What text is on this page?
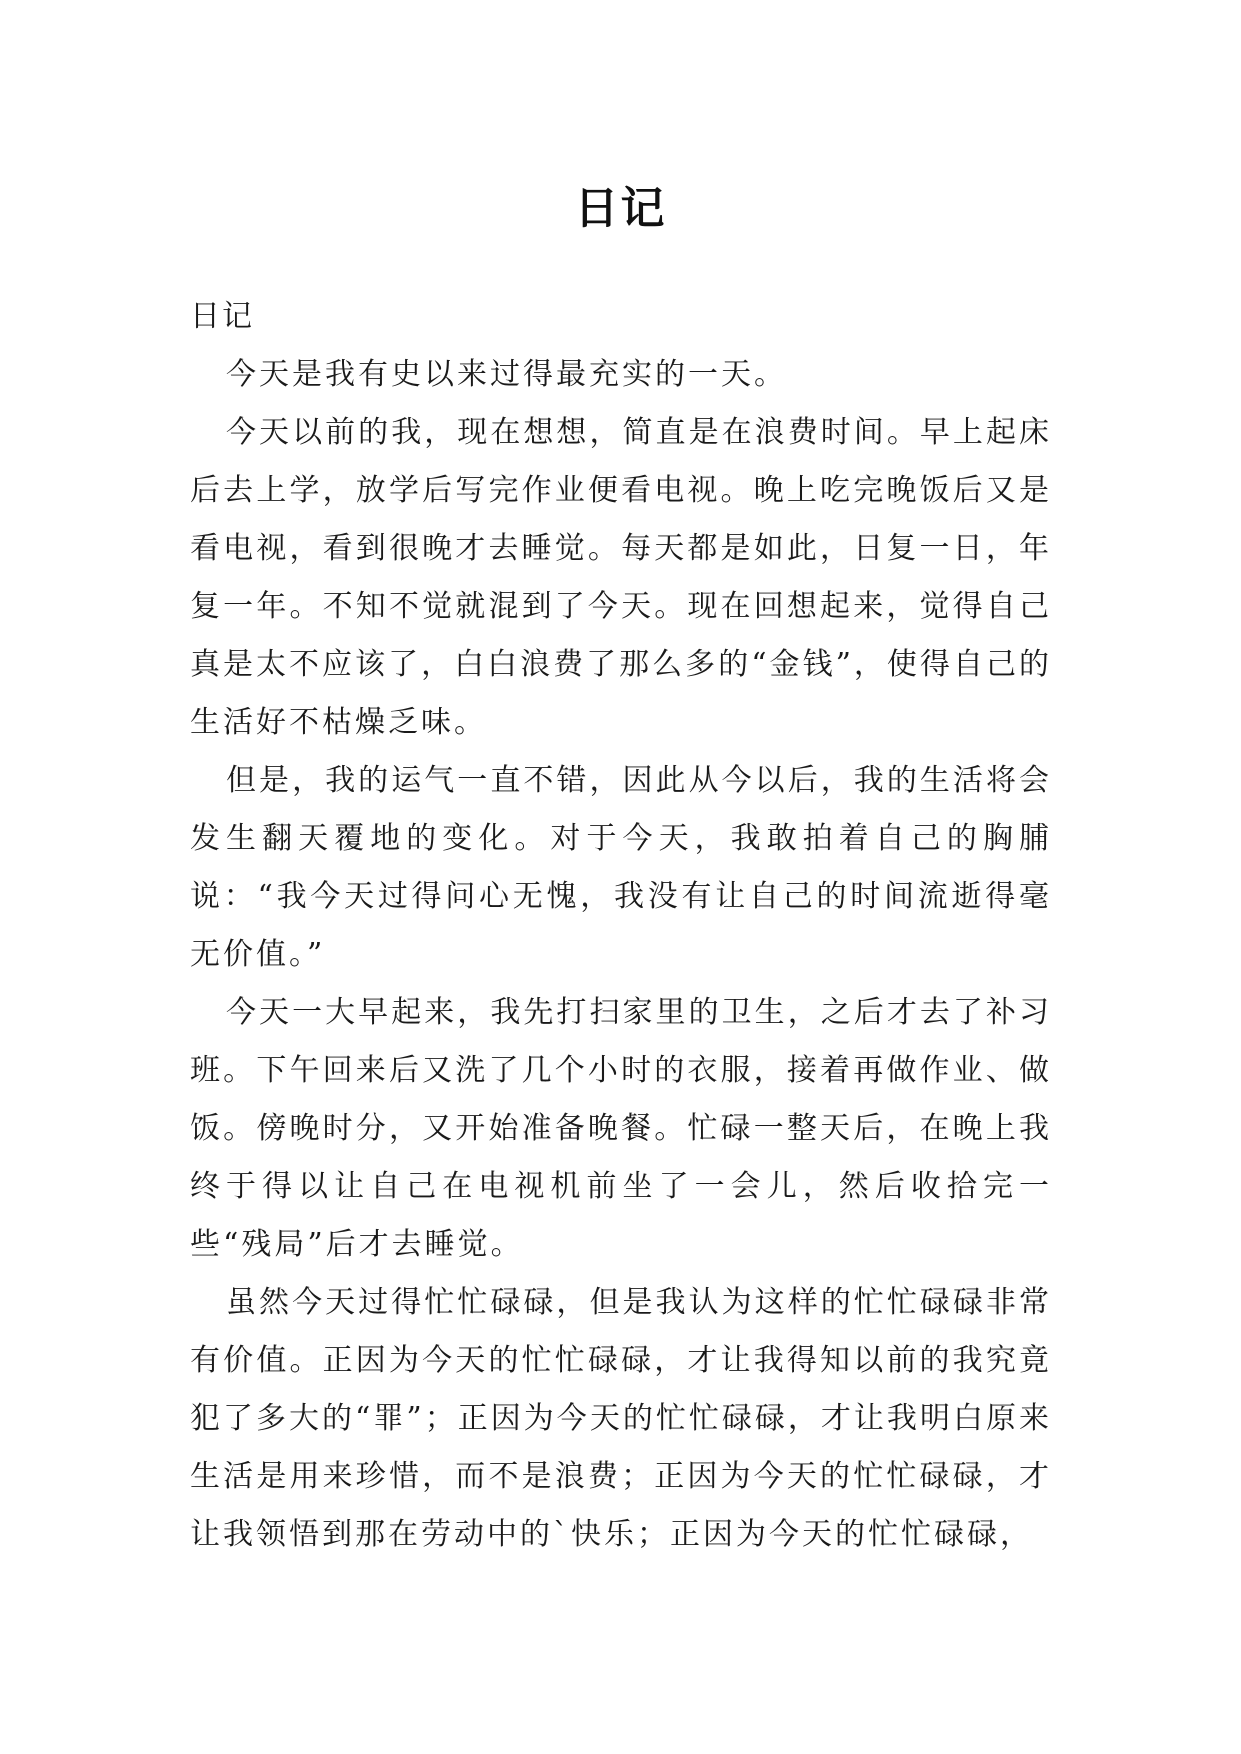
日记

日记

今天是我有史以来过得最充实的一天。

今天以前的我，现在想想，简直是在浪费时间。早上起床后去上学，放学后写完作业便看电视。晚上吃完晚饭后又是看电视，看到很晚才去睡觉。每天都是如此，日复一日，年复一年。不知不觉就混到了今天。现在回想起来，觉得自己真是太不应该了，白白浪费了那么多的“金钱”，使得自己的生活好不枯燥乏味。

但是，我的运气一直不错，因此从今以后，我的生活将会发生翻天覆地的变化。对于今天，我敢拍着自己的胸脯说：“我今天过得问心无愧，我没有让自己的时间流逝得毫无价值。”

今天一大早起来，我先打扫家里的卫生，之后才去了补习班。下午回来后又洗了几个小时的衣服，接着再做作业、做饭。傍晚时分，又开始准备晚餐。忙碌一整天后，在晚上我终于得以让自己在电视机前坐了一会儿，然后收拾完一些“残局”后才去睡觉。

虽然今天过得忙忙碌碌，但是我认为这样的忙忙碌碌非常有价值。正因为今天的忙忙碌碌，才让我得知以前的我究竟犯了多大的“罪”；正因为今天的忙忙碌碌，才让我明白原来生活是用来珍惜，而不是浪费；正因为今天的忙忙碌碌，才让我领悟到那在劳动中的`快乐；正因为今天的忙忙碌碌，
